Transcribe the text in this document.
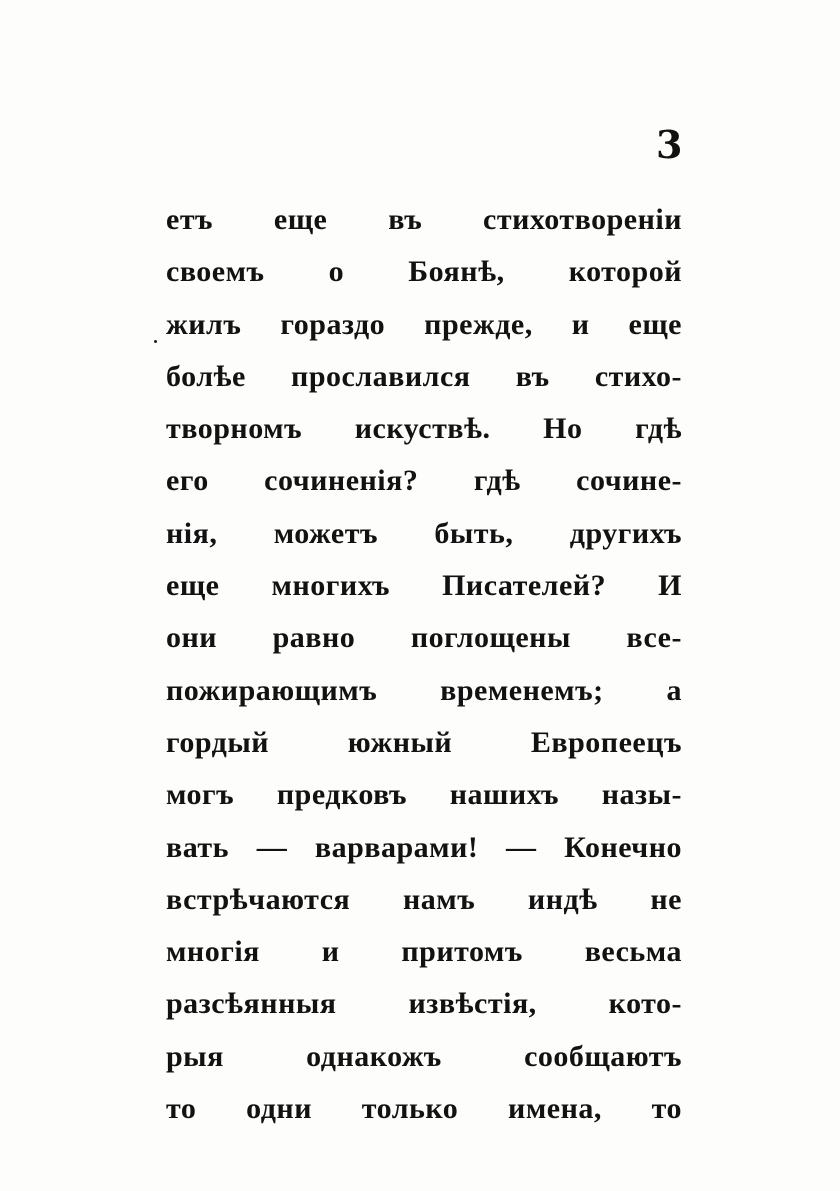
3
етъ еще въ стихотвореніи
своемъ о Боянѣ, которой
жилъ гораздо прежде, и еще
болѣе прославился въ стихо-
творномъ искуствѣ. Но гдѣ
его сочиненія? гдѣ сочине-
нія, можетъ быть, другихъ
еще многихъ Писателей? И
они равно поглощены все-
пожирающимъ временемъ; а
гордый южный Европеецъ
могъ предковъ нашихъ назы-
вать — варварами! — Конечно
встрѣчаются намъ индѣ не
многія и притомъ весьма
разсѣянныя извѣстія, кото-
рыя однакожъ сообщаютъ
то одни только имена, то
